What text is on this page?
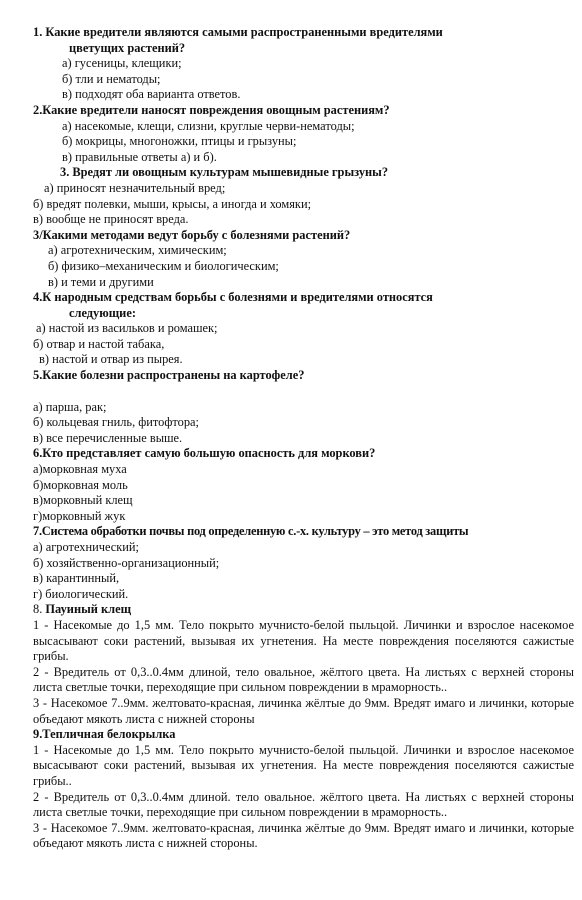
1. Какие вредители являются самыми распространенными вредителями
цветущих растений?
а) гусеницы, клещики;
б) тли и нематоды;
в) подходят оба варианта ответов.
2.Какие вредители наносят повреждения овощным растениям?
а) насекомые, клещи, слизни, круглые черви-нематоды;
б) мокрицы, многоножки, птицы и грызуны;
в) правильные ответы а) и б).
3. Вредят ли овощным культурам мышевидные грызуны?
а) приносят незначительный вред;
б) вредят полевки, мыши, крысы, а иногда и хомяки;
в) вообще не приносят вреда.
3/Какими методами ведут борьбу с болезнями растений?
а) агротехническим, химическим;
б) физико–механическим и биологическим;
в) и теми и другими
4.К народным средствам борьбы с болезнями и вредителями относятся
следующие:
а) настой из васильков и ромашек;
б) отвар и настой табака,
в) настой и отвар из пырея.
5.Какие болезни распространены на картофеле?
а) парша, рак;
б) кольцевая гниль, фитофтора;
в) все перечисленные выше.
6.Кто представляет самую большую опасность для моркови?
а)морковная муха
б)морковная моль
в)морковный клещ
г)морковный жук
7.Система обработки почвы под определенную с.-х. культуру – это метод защиты
а) агротехнический;
б) хозяйственно-организационный;
в) карантинный,
г) биологический.
8. Пауиный клещ
1 - Насекомые до 1,5 мм. Тело покрыто мучнисто-белой пыльцой. Личинки и взрослое насекомое высасывают соки растений, вызывая их угнетения. На месте повреждения поселяются сажистые грибы.
2 - Вредитель от 0,3..0.4мм длиной, тело овальное, жёлтого цвета. На листьях с верхней стороны листа светлые точки, переходящие при сильном повреждении в мраморность..
3 - Насекомое 7..9мм. желтовато-красная, личинка жёлтые до 9мм. Вредят имаго и личинки, которые объедают мякоть листа с нижней стороны
9.Тепличная белокрылка
1 - Насекомые до 1,5 мм. Тело покрыто мучнисто-белой пыльцой. Личинки и взрослое насекомое высасывают соки растений, вызывая их угнетения. На месте повреждения поселяются сажистые грибы..
2 - Вредитель от 0,3..0.4мм длиной. тело овальное. жёлтого цвета. На листьях с верхней стороны листа светлые точки, переходящие при сильном повреждении в мраморность..
3 - Насекомое 7..9мм. желтовато-красная, личинка жёлтые до 9мм. Вредят имаго и личинки, которые объедают мякоть листа с нижней стороны.
